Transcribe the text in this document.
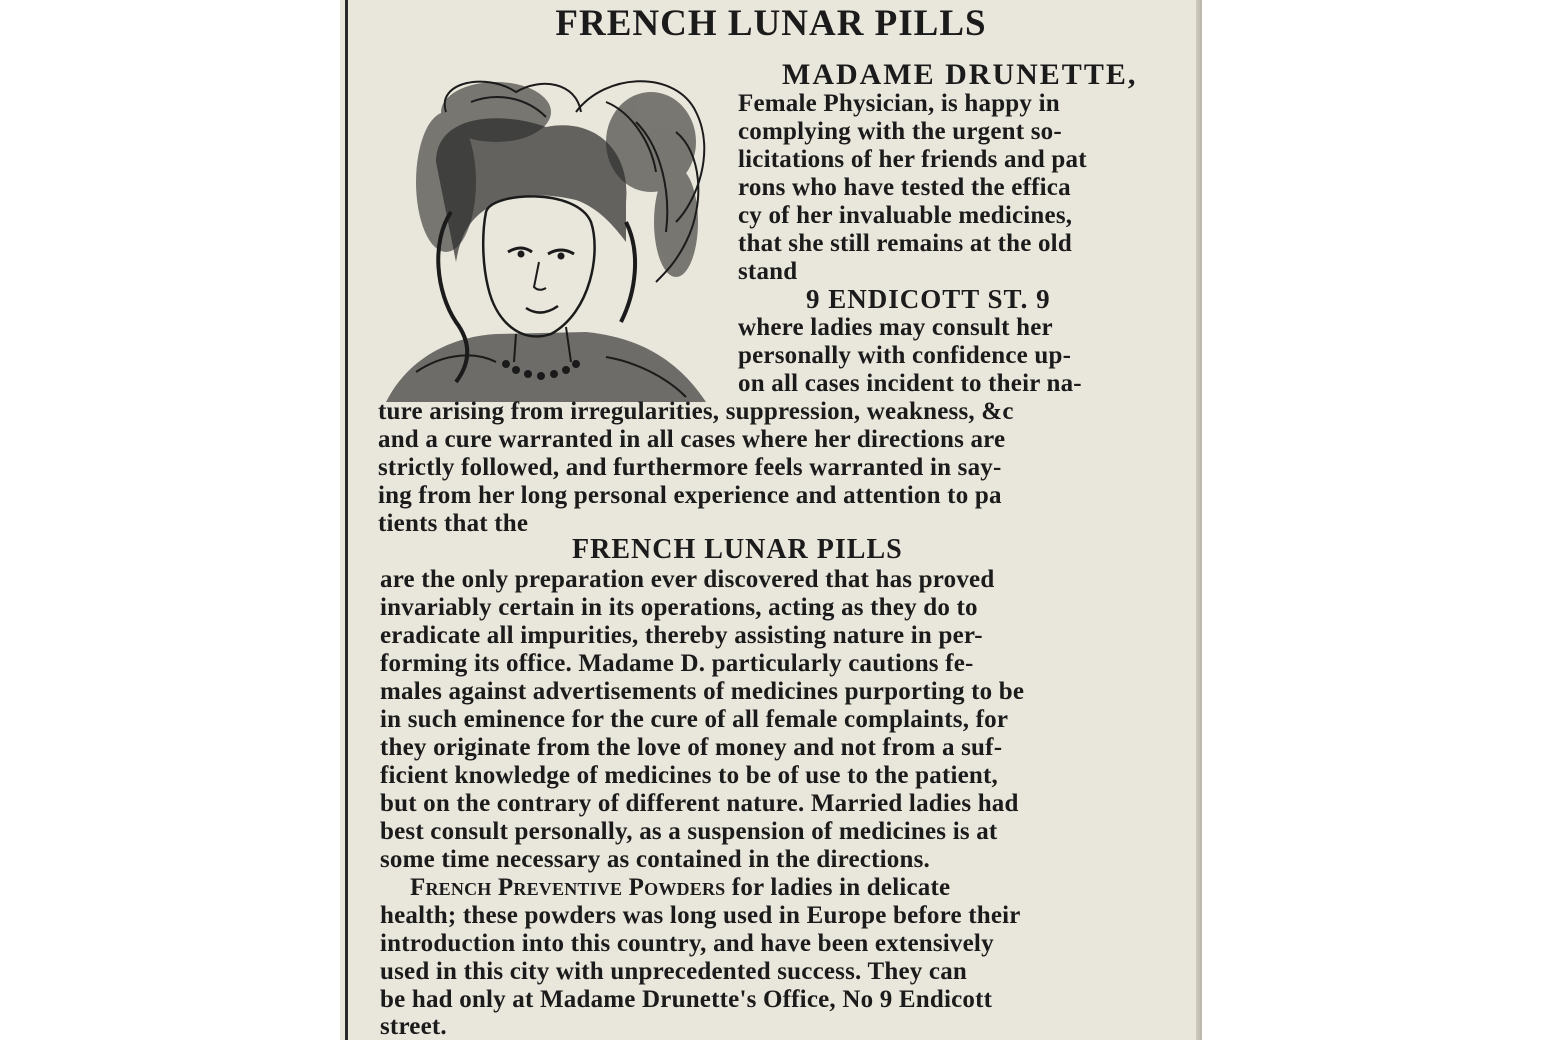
FRENCH LUNAR PILLS

MADAME DRUNETTE,

Female Physician, is happy in

complying with the urgent so-

licitations of her friends and pat

rons who have tested the effica

cy of her invaluable medicines,

that she still remains at the old

stand

9 ENDICOTT ST. 9

where ladies may consult her

personally with confidence up-

on all cases incident to their na-

ture arising from irregularities, suppression, weakness, &c

and a cure warranted in all cases where her directions are

strictly followed, and furthermore feels warranted in say-

ing from her long personal experience and attention to pa

tients that the

FRENCH LUNAR PILLS

are the only preparation ever discovered that has proved

invariably certain in its operations, acting as they do to

eradicate all impurities, thereby assisting nature in per-

forming its office. Madame D. particularly cautions fe-

males against advertisements of medicines purporting to be

in such eminence for the cure of all female complaints, for

they originate from the love of money and not from a suf-

ficient knowledge of medicines to be of use to the patient,

but on the contrary of different nature. Married ladies had

best consult personally, as a suspension of medicines is at

some time necessary as contained in the directions.

French Preventive Powders for ladies in delicate

health; these powders was long used in Europe before their

introduction into this country, and have been extensively

used in this city with unprecedented success. They can

be had only at Madame Drunette's Office, No 9 Endicott

street.
